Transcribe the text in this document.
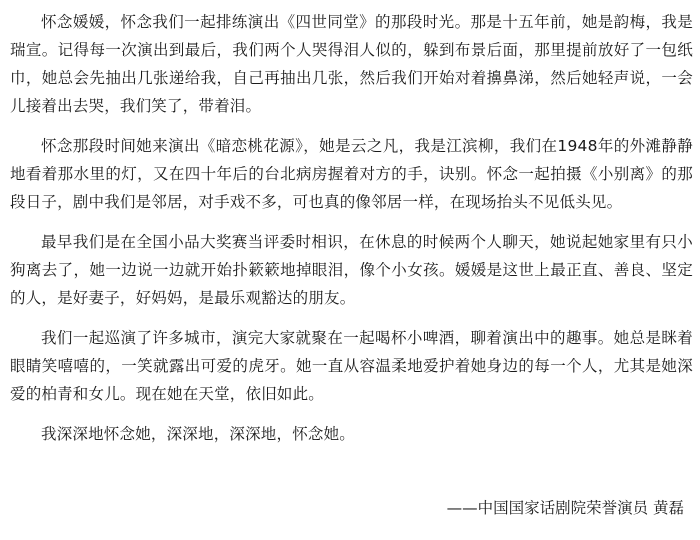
怀念媛媛，怀念我们一起排练演出《四世同堂》的那段时光。那是十五年前，她是韵梅，我是瑞宣。记得每一次演出到最后，我们两个人哭得泪人似的，躲到布景后面，那里提前放好了一包纸巾，她总会先抽出几张递给我，自己再抽出几张，然后我们开始对着擤鼻涕，然后她轻声说，一会儿接着出去哭，我们笑了，带着泪。

怀念那段时间她来演出《暗恋桃花源》，她是云之凡，我是江滨柳，我们在1948年的外滩静静地看着那水里的灯，又在四十年后的台北病房握着对方的手，诀别。怀念一起拍摄《小别离》的那段日子，剧中我们是邻居，对手戏不多，可也真的像邻居一样，在现场抬头不见低头见。

最早我们是在全国小品大奖赛当评委时相识，在休息的时候两个人聊天，她说起她家里有只小狗离去了，她一边说一边就开始扑簌簌地掉眼泪，像个小女孩。媛媛是这世上最正直、善良、坚定的人，是好妻子，好妈妈，是最乐观豁达的朋友。

我们一起巡演了许多城市，演完大家就聚在一起喝杯小啤酒，聊着演出中的趣事。她总是眯着眼睛笑嘻嘻的，一笑就露出可爱的虎牙。她一直从容温柔地爱护着她身边的每一个人，尤其是她深爱的柏青和女儿。现在她在天堂，依旧如此。

我深深地怀念她，深深地，深深地，怀念她。

——中国国家话剧院荣誉演员 黄磊
